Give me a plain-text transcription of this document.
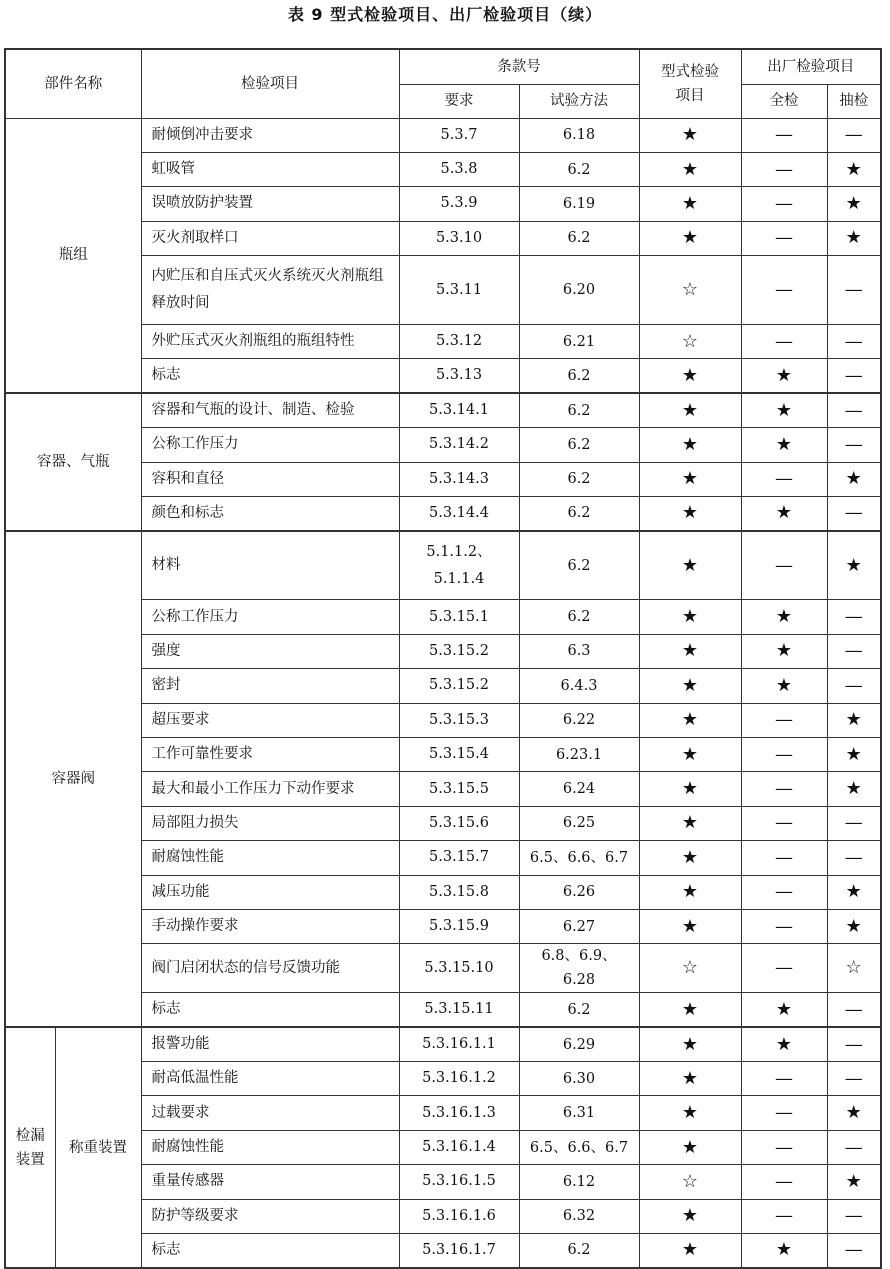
表 9 型式检验项目、出厂检验项目（续）
部件名称		检验项目	条款号		型式检验项目	出厂检验项目	
			要求	试验方法		全检	抽检
瓶组		耐倾倒冲击要求	5.3.7	6.18	★	—	—
		虹吸管	5.3.8	6.2	★	—	★
		误喷放防护装置	5.3.9	6.19	★	—	★
		灭火剂取样口	5.3.10	6.2	★	—	★
		内贮压和自压式灭火系统灭火剂瓶组释放时间	5.3.11	6.20	☆	—	—
		外贮压式灭火剂瓶组的瓶组特性	5.3.12	6.21	☆	—	—
		标志	5.3.13	6.2	★	★	—
容器、气瓶		容器和气瓶的设计、制造、检验	5.3.14.1	6.2	★	★	—
		公称工作压力	5.3.14.2	6.2	★	★	—
		容积和直径	5.3.14.3	6.2	★	—	★
		颜色和标志	5.3.14.4	6.2	★	★	—
容器阀		材料	5.1.1.2、5.1.1.4	6.2	★	—	★
		公称工作压力	5.3.15.1	6.2	★	★	—
		强度	5.3.15.2	6.3	★	★	—
		密封	5.3.15.2	6.4.3	★	★	—
		超压要求	5.3.15.3	6.22	★	—	★
		工作可靠性要求	5.3.15.4	6.23.1	★	—	★
		最大和最小工作压力下动作要求	5.3.15.5	6.24	★	—	★
		局部阻力损失	5.3.15.6	6.25	★	—	—
		耐腐蚀性能	5.3.15.7	6.5、6.6、6.7	★	—	—
		减压功能	5.3.15.8	6.26	★	—	★
		手动操作要求	5.3.15.9	6.27	★	—	★
		阀门启闭状态的信号反馈功能	5.3.15.10	6.8、6.9、6.28	☆	—	☆
		标志	5.3.15.11	6.2	★	★	—
检漏装置	称重装置	报警功能	5.3.16.1.1	6.29	★	★	—
		耐高低温性能	5.3.16.1.2	6.30	★	—	—
		过载要求	5.3.16.1.3	6.31	★	—	★
		耐腐蚀性能	5.3.16.1.4	6.5、6.6、6.7	★	—	—
		重量传感器	5.3.16.1.5	6.12	☆	—	★
		防护等级要求	5.3.16.1.6	6.32	★	—	—
		标志	5.3.16.1.7	6.2	★	★	—
